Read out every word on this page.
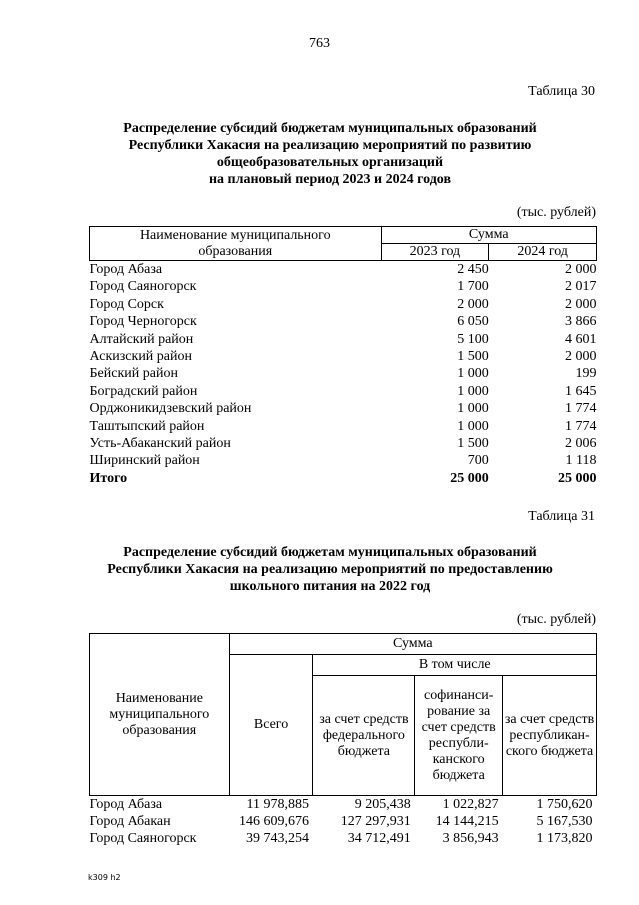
763
Таблица 30
Распределение субсидий бюджетам муниципальных образований
Республики Хакасия на реализацию мероприятий по развитию
общеобразовательных организаций
на плановый период 2023 и 2024 годов
(тыс. рублей)
Наименование муниципального
образования	Сумма	
	2023 год	2024 год
Город Абаза	2 450	2 000
Город Саяногорск	1 700	2 017
Город Сорск	2 000	2 000
Город Черногорск	6 050	3 866
Алтайский район	5 100	4 601
Аскизский район	1 500	2 000
Бейский район	1 000	199
Боградский район	1 000	1 645
Орджоникидзевский район	1 000	1 774
Таштыпский район	1 000	1 774
Усть-Абаканский район	1 500	2 006
Ширинский район	700	1 118
Итого	25 000	25 000
Таблица 31
Распределение субсидий бюджетам муниципальных образований
Республики Хакасия на реализацию мероприятий по предоставлению
школьного питания на 2022 год
(тыс. рублей)
Наименование муниципального образования	Сумма			
	Всего	В том числе		
		за счет средств федерального бюджета	софинанси-рование за счет средств республи-канского бюджета	за счет средств республикан-ского бюджета
Город Абаза	11 978,885	9 205,438	1 022,827	1 750,620
Город Абакан	146 609,676	127 297,931	14 144,215	5 167,530
Город Саяногорск	39 743,254	34 712,491	3 856,943	1 173,820
k309 h2
